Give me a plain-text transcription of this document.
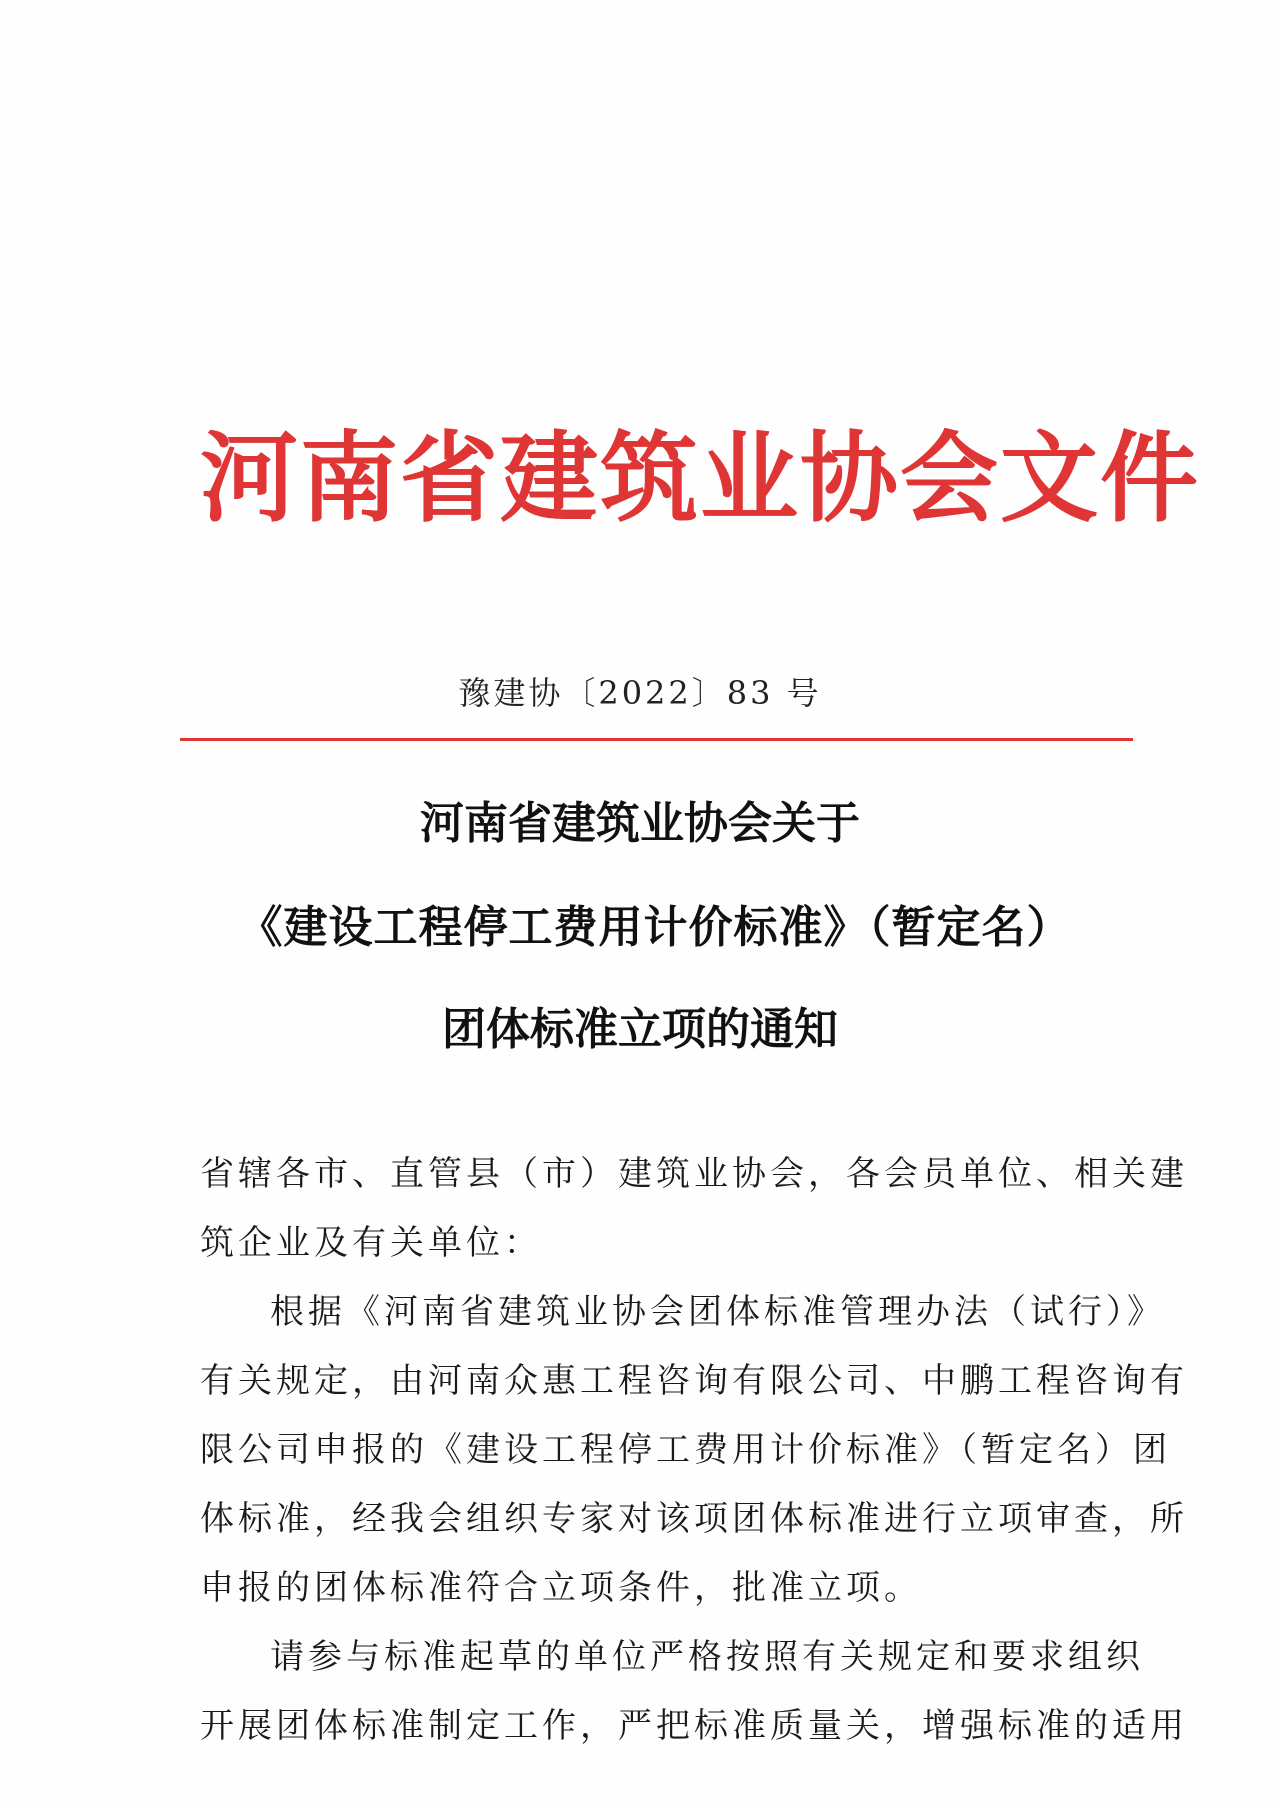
河南省建筑业协会文件
豫建协〔2022〕83 号
河南省建筑业协会关于
《建设工程停工费用计价标准》（暂定名）
团体标准立项的通知
省辖各市、直管县（市）建筑业协会，各会员单位、相关建
筑企业及有关单位：
根据《河南省建筑业协会团体标准管理办法（试行）》
有关规定，由河南众惠工程咨询有限公司、中鹏工程咨询有
限公司申报的《建设工程停工费用计价标准》（暂定名）团
体标准，经我会组织专家对该项团体标准进行立项审查，所
申报的团体标准符合立项条件，批准立项。
请参与标准起草的单位严格按照有关规定和要求组织
开展团体标准制定工作，严把标准质量关，增强标准的适用
